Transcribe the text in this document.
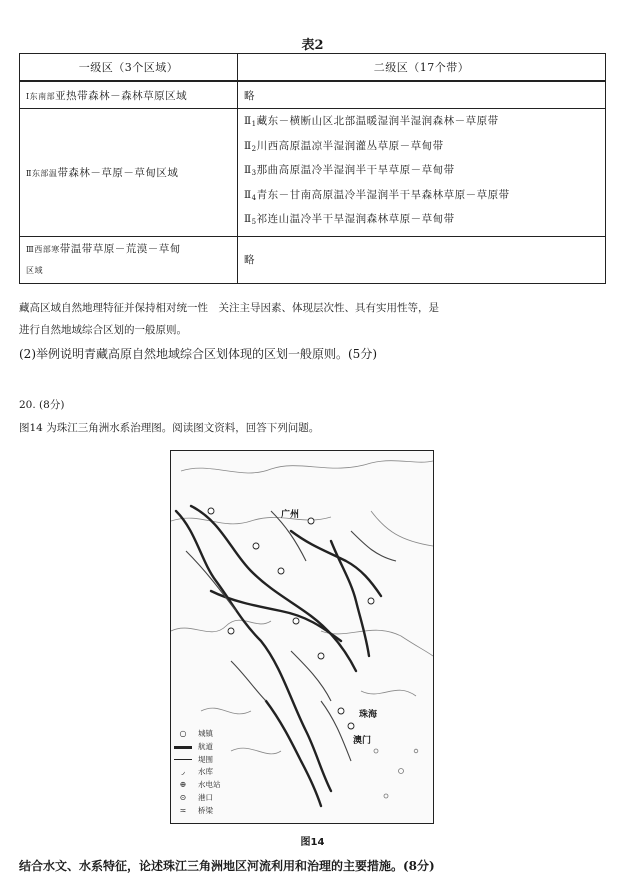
表2
一级区（3个区域）	二级区（17个带）
Ⅰ东南部亚热带森林－森林草原区域	略
Ⅱ东部温带森林－草原－草甸区域	$Ⅱ_1$藏东－横断山区北部温暖湿润半湿润森林－草原带
$Ⅱ_2$川西高原温凉半湿润灌丛草原－草甸带
$Ⅱ_3$那曲高原温冷半湿润半干旱草原－草甸带
$Ⅱ_4$青东－甘南高原温冷半湿润半干旱森林草原－草原带
$Ⅱ_5$祁连山温冷半干旱湿润森林草原－草甸带

Ⅲ西部寒带温带草原－荒漠－草甸
区域	略
藏高区域自然地理特征并保持相对统一性　关注主导因素、体现层次性、具有实用性等，是
进行自然地域综合区划的一般原则。
(2)举例说明青藏高原自然地域综合区划体现的区划一般原则。(5分)
20. (8分)
图14 为珠江三角洲水系治理图。阅读图文资料，回答下列问题。
广州
珠海
澳门
○	城镇
航道
堤围
◞	水库
⊕	水电站
⊙	港口
≍	桥梁
图14
结合水文、水系特征，论述珠江三角洲地区河流利用和治理的主要措施。(8分)
